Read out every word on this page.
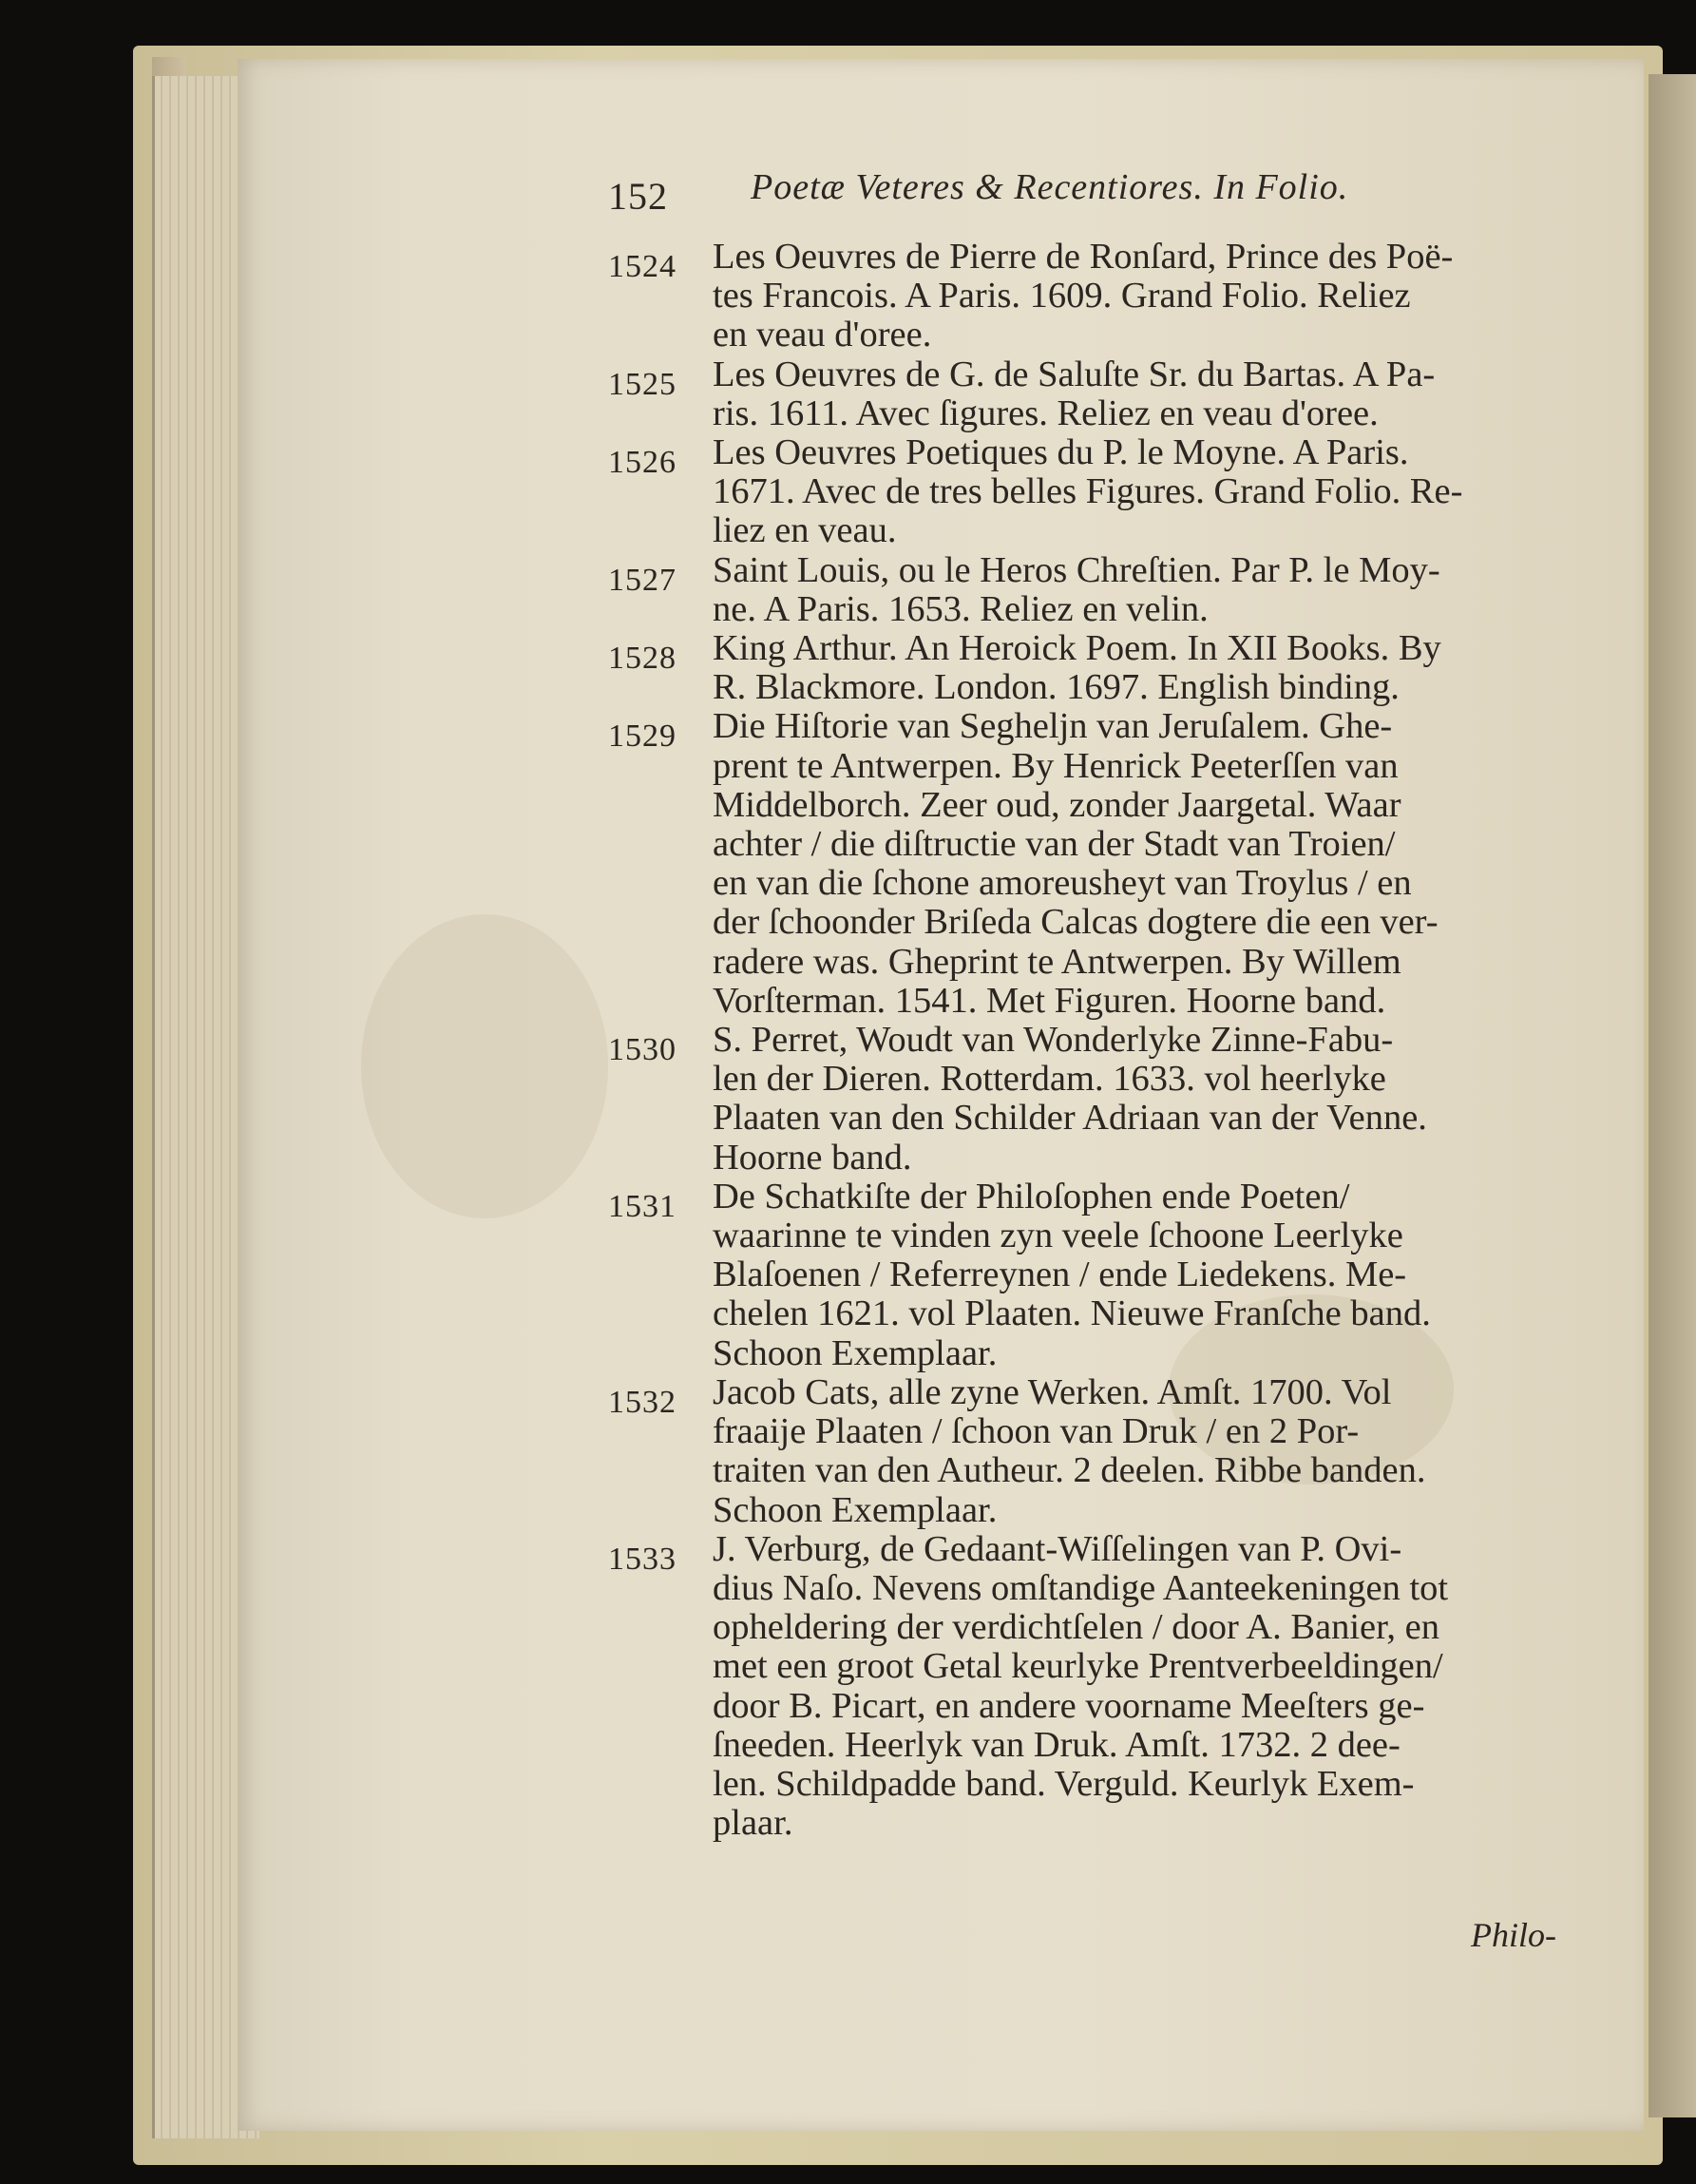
152 Poetæ Veteres & Recentiores. In Folio.
1524 Les Oeuvres de Pierre de Ronſard, Prince des Poë-
tes Francois. A Paris. 1609. Grand Folio. Reliez
en veau d'oree.
1525 Les Oeuvres de G. de Saluſte Sr. du Bartas. A Pa-
ris. 1611. Avec ſigures. Reliez en veau d'oree.
1526 Les Oeuvres Poetiques du P. le Moyne. A Paris.
1671. Avec de tres belles Figures. Grand Folio. Re-
liez en veau.
1527 Saint Louis, ou le Heros Chreſtien. Par P. le Moy-
ne. A Paris. 1653. Reliez en velin.
1528 King Arthur. An Heroick Poem. In XII Books. By
R. Blackmore. London. 1697. English binding.
1529 Die Hiſtorie van Segheljn van Jeruſalem. Ghe-
prent te Antwerpen. By Henrick Peeterſſen van
Middelborch. Zeer oud, zonder Jaargetal. Waar
achter / die diſtructie van der Stadt van Troien/
en van die ſchone amoreusheyt van Troylus / en
der ſchoonder Briſeda Calcas dogtere die een ver-
radere was. Gheprint te Antwerpen. By Willem
Vorſterman. 1541. Met Figuren. Hoorne band.
1530 S. Perret, Woudt van Wonderlyke Zinne-Fabu-
len der Dieren. Rotterdam. 1633. vol heerlyke
Plaaten van den Schilder Adriaan van der Venne.
Hoorne band.
1531 De Schatkiſte der Philoſophen ende Poeten/
waarinne te vinden zyn veele ſchoone Leerlyke
Blaſoenen / Referreynen / ende Liedekens. Me-
chelen 1621. vol Plaaten. Nieuwe Franſche band.
Schoon Exemplaar.
1532 Jacob Cats, alle zyne Werken. Amſt. 1700. Vol
fraaije Plaaten / ſchoon van Druk / en 2 Por-
traiten van den Autheur. 2 deelen. Ribbe banden.
Schoon Exemplaar.
1533 J. Verburg, de Gedaant-Wiſſelingen van P. Ovi-
dius Naſo. Nevens omſtandige Aanteekeningen tot
opheldering der verdichtſelen / door A. Banier, en
met een groot Getal keurlyke Prentverbeeldingen/
door B. Picart, en andere voorname Meeſters ge-
ſneeden. Heerlyk van Druk. Amſt. 1732. 2 dee-
len. Schildpadde band. Verguld. Keurlyk Exem-
plaar.
Philo-
